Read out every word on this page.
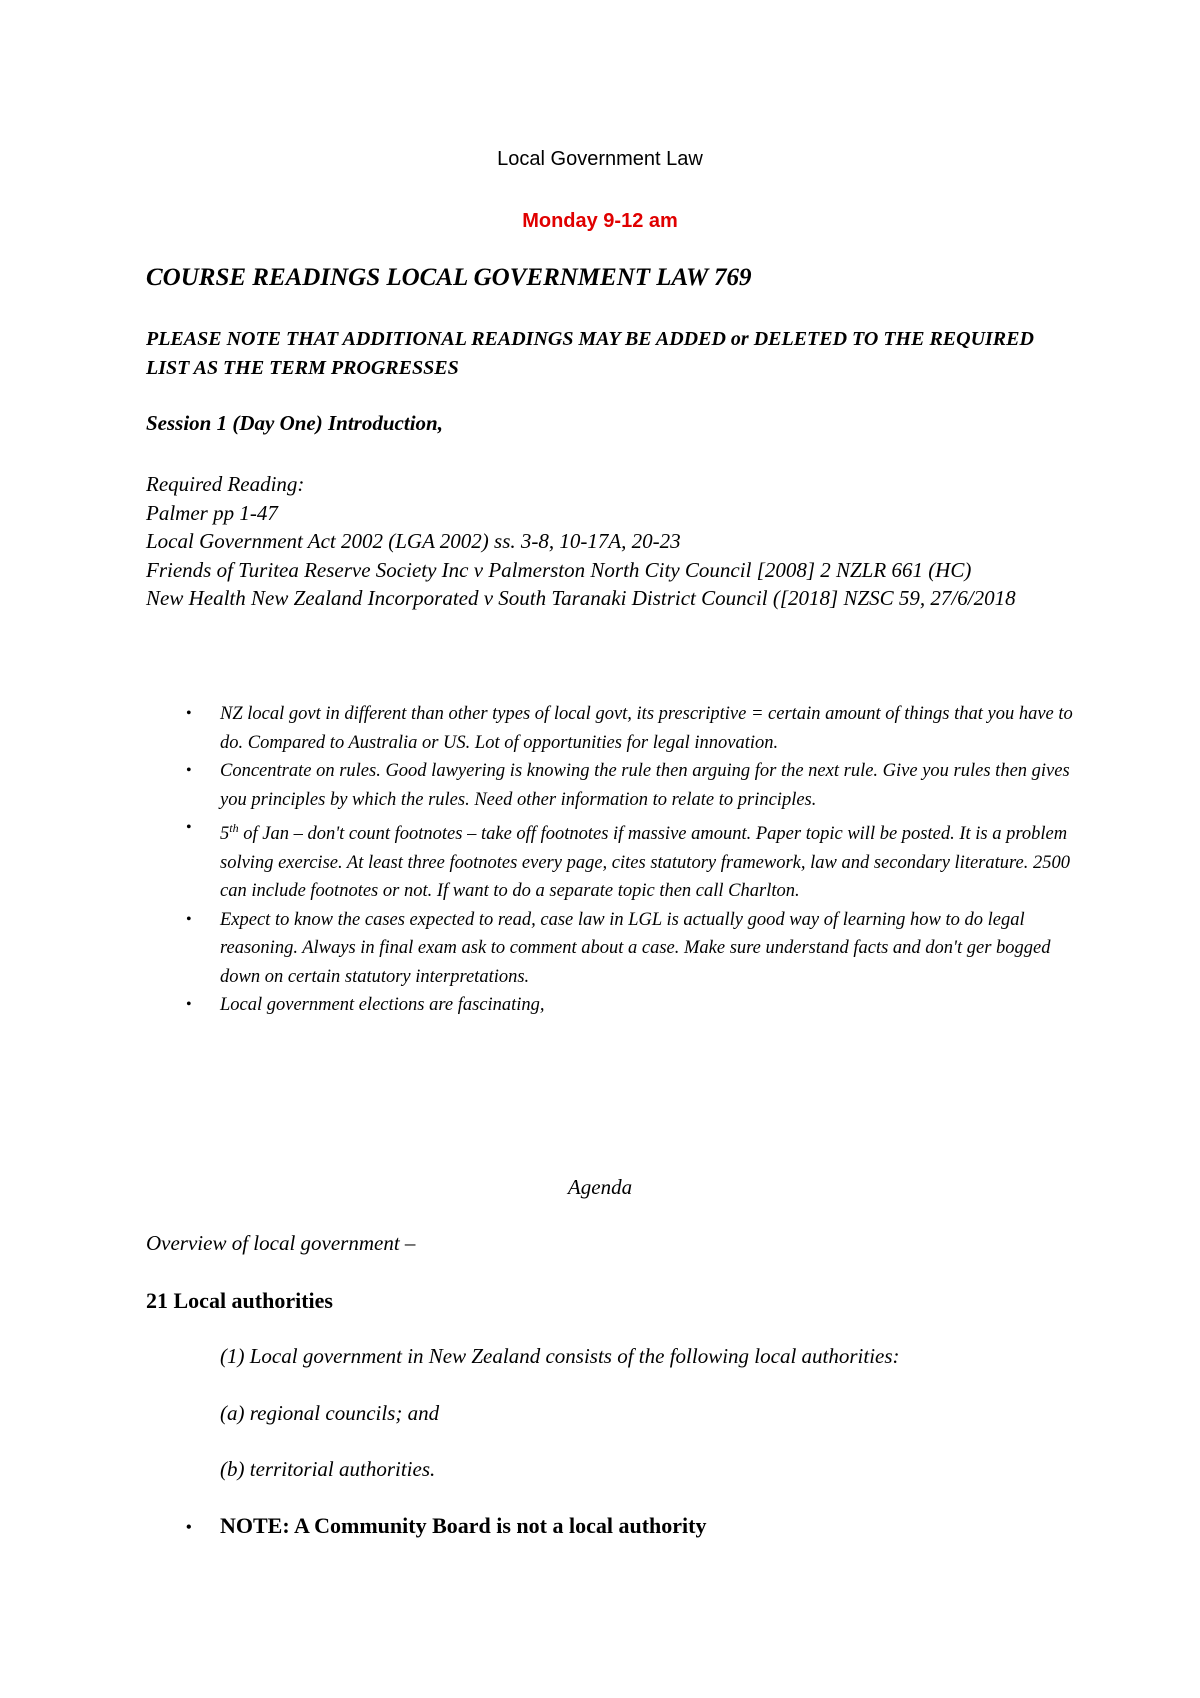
Local Government Law
Monday 9-12 am
COURSE READINGS LOCAL GOVERNMENT LAW 769
PLEASE NOTE THAT ADDITIONAL READINGS MAY BE ADDED or DELETED TO THE REQUIRED LIST AS THE TERM PROGRESSES
Session 1 (Day One) Introduction,
Required Reading:
Palmer pp 1-47
Local Government Act 2002 (LGA 2002) ss. 3-8, 10-17A, 20-23
Friends of Turitea Reserve Society Inc v Palmerston North City Council [2008] 2 NZLR 661 (HC)
New Health New Zealand Incorporated v South Taranaki District Council ([2018] NZSC 59, 27/6/2018
• NZ local govt in different than other types of local govt, its prescriptive = certain amount of things that you have to do. Compared to Australia or US. Lot of opportunities for legal innovation.
• Concentrate on rules. Good lawyering is knowing the rule then arguing for the next rule. Give you rules then gives you principles by which the rules. Need other information to relate to principles.
• 5th of Jan – don't count footnotes – take off footnotes if massive amount. Paper topic will be posted. It is a problem solving exercise. At least three footnotes every page, cites statutory framework, law and secondary literature. 2500 can include footnotes or not. If want to do a separate topic then call Charlton.
• Expect to know the cases expected to read, case law in LGL is actually good way of learning how to do legal reasoning. Always in final exam ask to comment about a case. Make sure understand facts and don't ger bogged down on certain statutory interpretations.
• Local government elections are fascinating,
Agenda
Overview of local government –
21 Local authorities
(1) Local government in New Zealand consists of the following local authorities:
(a) regional councils; and
(b) territorial authorities.
• NOTE: A Community Board is not a local authority
